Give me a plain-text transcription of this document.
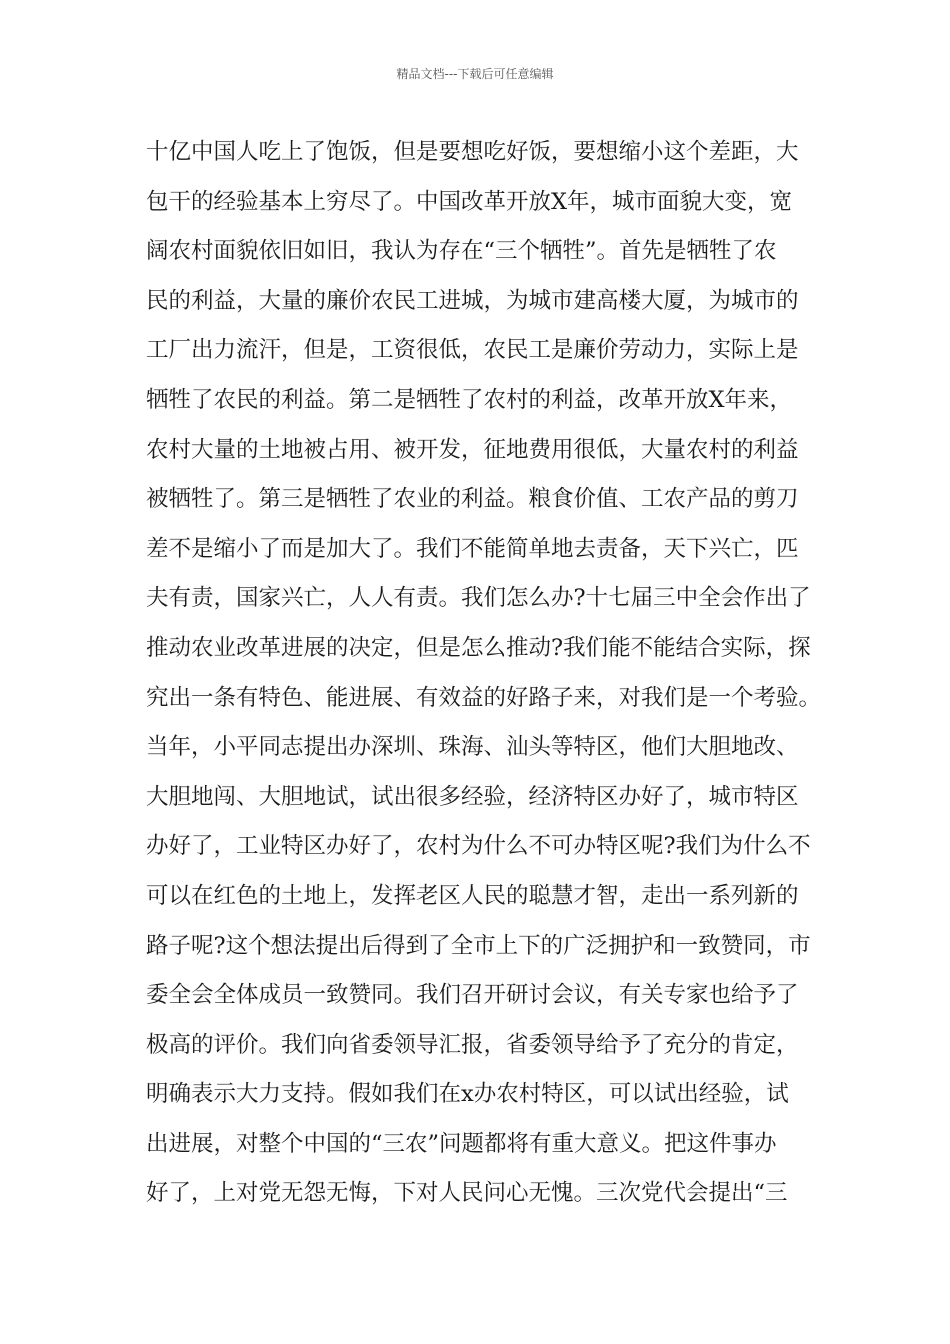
精品文档---下载后可任意编辑
十亿中国人吃上了饱饭，但是要想吃好饭，要想缩小这个差距，大
包干的经验基本上穷尽了。中国改革开放X年，城市面貌大变，宽
阔农村面貌依旧如旧，我认为存在“三个牺牲”。首先是牺牲了农
民的利益，大量的廉价农民工进城，为城市建高楼大厦，为城市的
工厂出力流汗，但是，工资很低，农民工是廉价劳动力，实际上是
牺牲了农民的利益。第二是牺牲了农村的利益，改革开放X年来，
农村大量的土地被占用、被开发，征地费用很低，大量农村的利益
被牺牲了。第三是牺牲了农业的利益。粮食价值、工农产品的剪刀
差不是缩小了而是加大了。我们不能简单地去责备，天下兴亡，匹
夫有责，国家兴亡，人人有责。我们怎么办?十七届三中全会作出了
推动农业改革进展的决定，但是怎么推动?我们能不能结合实际，探
究出一条有特色、能进展、有效益的好路子来，对我们是一个考验。
当年，小平同志提出办深圳、珠海、汕头等特区，他们大胆地改、
大胆地闯、大胆地试，试出很多经验，经济特区办好了，城市特区
办好了，工业特区办好了，农村为什么不可办特区呢?我们为什么不
可以在红色的土地上，发挥老区人民的聪慧才智，走出一系列新的
路子呢?这个想法提出后得到了全市上下的广泛拥护和一致赞同，市
委全会全体成员一致赞同。我们召开研讨会议，有关专家也给予了
极高的评价。我们向省委领导汇报，省委领导给予了充分的肯定，
明确表示大力支持。假如我们在x办农村特区，可以试出经验，试
出进展，对整个中国的“三农”问题都将有重大意义。把这件事办
好了，上对党无怨无悔，下对人民问心无愧。三次党代会提出“三
